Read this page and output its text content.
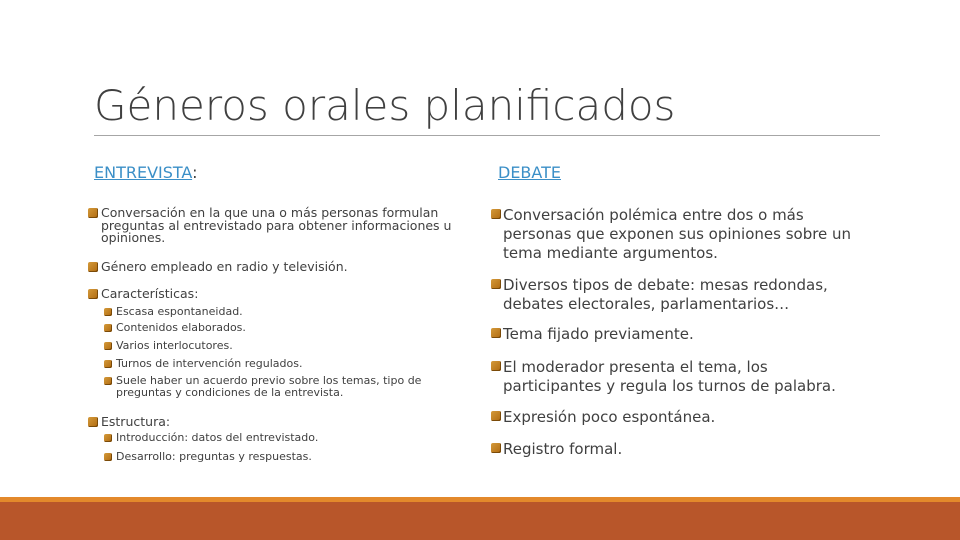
Géneros orales planificados
ENTREVISTA:
Conversación en la que una o más personas formulan
preguntas al entrevistado para obtener informaciones u
opiniones.
Género empleado en radio y televisión.
Características:
Escasa espontaneidad.
Contenidos elaborados.
Varios interlocutores.
Turnos de intervención regulados.
Suele haber un acuerdo previo sobre los temas, tipo de
preguntas y condiciones de la entrevista.
Estructura:
Introducción: datos del entrevistado.
Desarrollo: preguntas y respuestas.
DEBATE
Conversación polémica entre dos o más
personas que exponen sus opiniones sobre un
tema mediante argumentos.
Diversos tipos de debate: mesas redondas,
debates electorales, parlamentarios…
Tema fijado previamente.
El moderador presenta el tema, los
participantes y regula los turnos de palabra.
Expresión poco espontánea.
Registro formal.
